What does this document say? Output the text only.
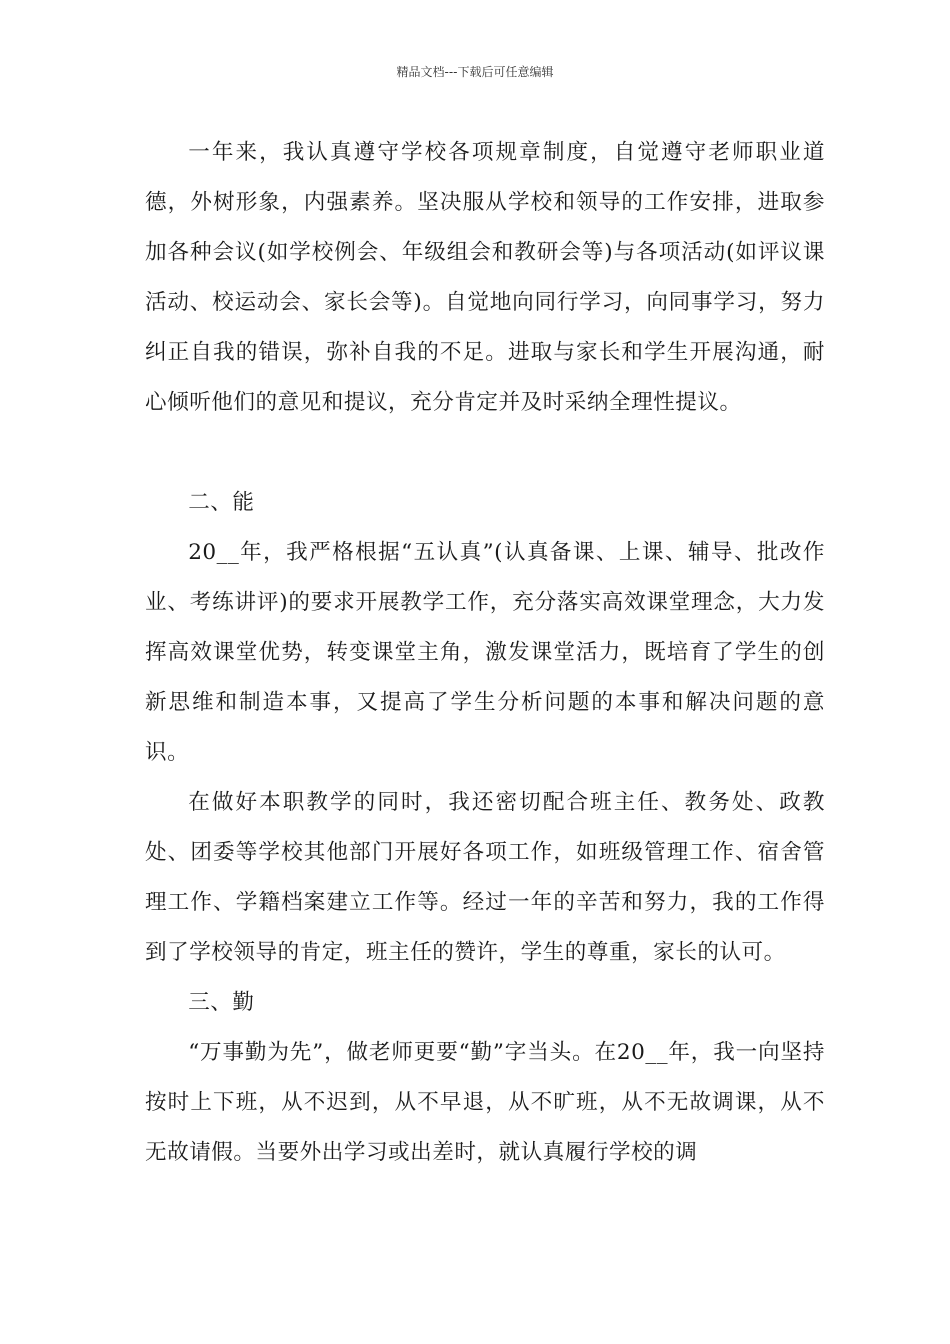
精品文档---下载后可任意编辑

一年来，我认真遵守学校各项规章制度，自觉遵守老师职业道德，外树形象，内强素养。坚决服从学校和领导的工作安排，进取参加各种会议(如学校例会、年级组会和教研会等)与各项活动(如评议课活动、校运动会、家长会等)。自觉地向同行学习，向同事学习，努力纠正自我的错误，弥补自我的不足。进取与家长和学生开展沟通，耐心倾听他们的意见和提议，充分肯定并及时采纳全理性提议。

二、能

20__年，我严格根据“五认真”(认真备课、上课、辅导、批改作业、考练讲评)的要求开展教学工作，充分落实高效课堂理念，大力发挥高效课堂优势，转变课堂主角，激发课堂活力，既培育了学生的创新思维和制造本事，又提高了学生分析问题的本事和解决问题的意识。

在做好本职教学的同时，我还密切配合班主任、教务处、政教处、团委等学校其他部门开展好各项工作，如班级管理工作、宿舍管理工作、学籍档案建立工作等。经过一年的辛苦和努力，我的工作得到了学校领导的肯定，班主任的赞许，学生的尊重，家长的认可。

三、勤

“万事勤为先”，做老师更要“勤”字当头。在20__年，我一向坚持按时上下班，从不迟到，从不早退，从不旷班，从不无故调课，从不无故请假。当要外出学习或出差时，就认真履行学校的调
